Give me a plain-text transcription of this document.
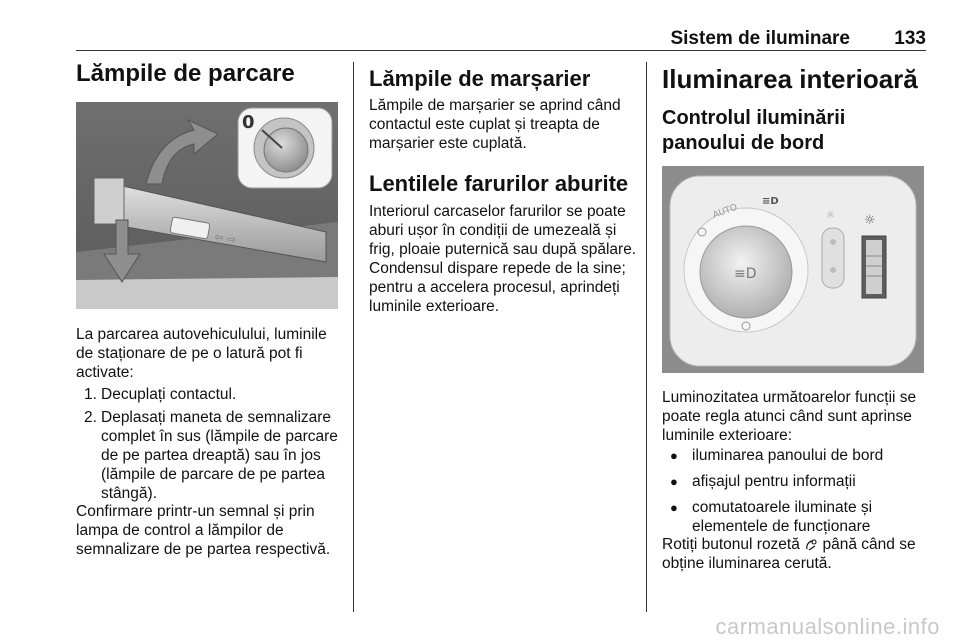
Sistem de iluminare	133
Lămpile de parcare
⇦ ⇨
0

La parcarea autovehiculului, luminile de staționare de pe o latură pot fi activate:

1. Decuplați contactul.
2. Deplasați maneta de semnalizare complet în sus (lămpile de parcare de pe partea dreaptă) sau în jos (lămpile de parcare de pe partea stângă).

Confirmare printr-un semnal și prin lampa de control a lămpilor de semnalizare de pe partea respectivă.

Lămpile de marșarier

Lămpile de marșarier se aprind când contactul este cuplat și treapta de marșarier este cuplată.

Lentilele farurilor aburite

Interiorul carcaselor farurilor se poate aburi ușor în condiții de umezeală și frig, ploaie puternică sau după spălare. Condensul dispare repede de la sine; pentru a accelera procesul, aprindeți luminile exterioare.

Iluminarea interioară
Controlul iluminării panoului de bord
≡D
AUTO
≡D
☼ ☼

Luminozitatea următoarelor funcții se poate regla atunci când sunt aprinse luminile exterioare:

● iluminarea panoului de bord
● afișajul pentru informații
● comutatoarele iluminate și elementele de funcționare

Rotiți butonul rozetă până când se obține iluminarea cerută.

carmanualsonline.info
